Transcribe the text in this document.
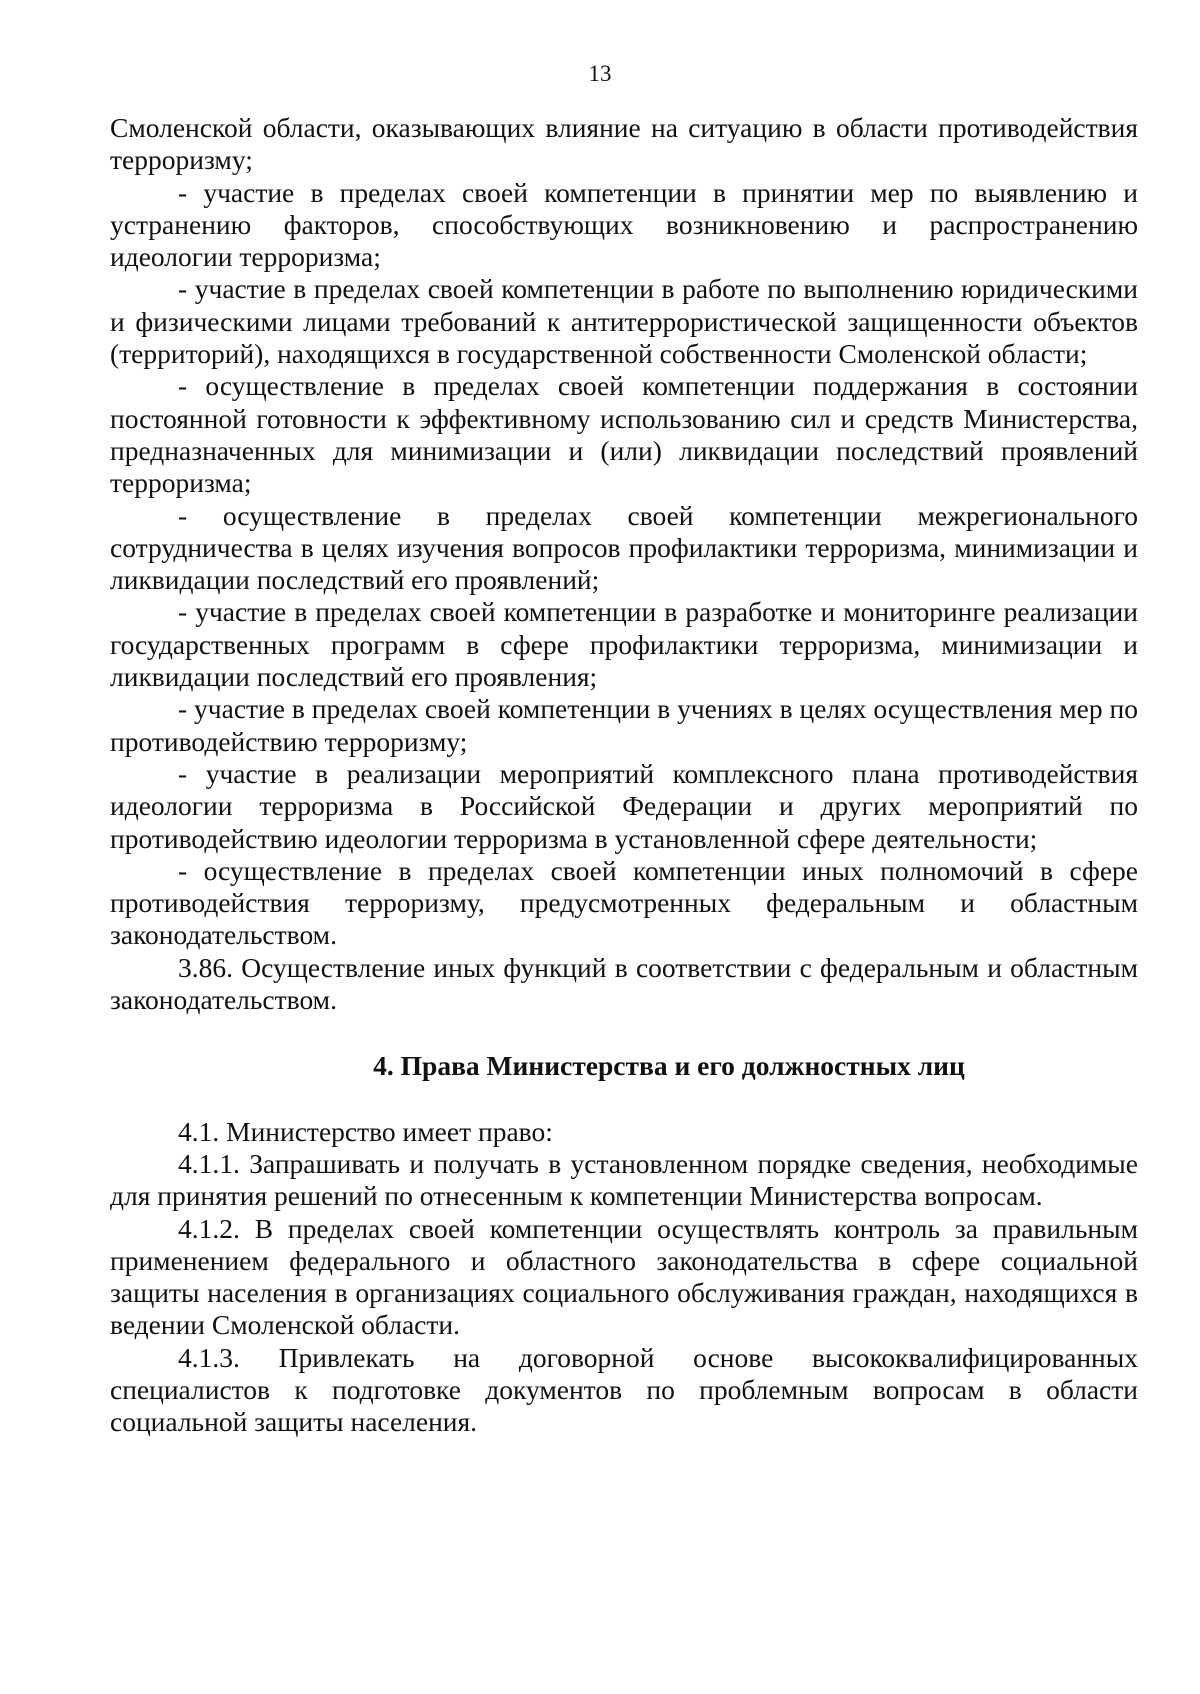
13

Смоленской области, оказывающих влияние на ситуацию в области противодействия терроризму;

- участие в пределах своей компетенции в принятии мер по выявлению и устранению факторов, способствующих возникновению и распространению идеологии терроризма;

- участие в пределах своей компетенции в работе по выполнению юридическими и физическими лицами требований к антитеррористической защищенности объектов (территорий), находящихся в государственной собственности Смоленской области;

- осуществление в пределах своей компетенции поддержания в состоянии постоянной готовности к эффективному использованию сил и средств Министерства, предназначенных для минимизации и (или) ликвидации последствий проявлений терроризма;

- осуществление в пределах своей компетенции межрегионального сотрудничества в целях изучения вопросов профилактики терроризма, минимизации и ликвидации последствий его проявлений;

- участие в пределах своей компетенции в разработке и мониторинге реализации государственных программ в сфере профилактики терроризма, минимизации и ликвидации последствий его проявления;

- участие в пределах своей компетенции в учениях в целях осуществления мер по противодействию терроризму;

- участие в реализации мероприятий комплексного плана противодействия идеологии терроризма в Российской Федерации и других мероприятий по противодействию идеологии терроризма в установленной сфере деятельности;

- осуществление в пределах своей компетенции иных полномочий в сфере противодействия терроризму, предусмотренных федеральным и областным законодательством.

3.86. Осуществление иных функций в соответствии с федеральным и областным законодательством.

4. Права Министерства и его должностных лиц

4.1. Министерство имеет право:

4.1.1. Запрашивать и получать в установленном порядке сведения, необходимые для принятия решений по отнесенным к компетенции Министерства вопросам.

4.1.2. В пределах своей компетенции осуществлять контроль за правильным применением федерального и областного законодательства в сфере социальной защиты населения в организациях социального обслуживания граждан, находящихся в ведении Смоленской области.

4.1.3. Привлекать на договорной основе высококвалифицированных специалистов к подготовке документов по проблемным вопросам в области социальной защиты населения.
